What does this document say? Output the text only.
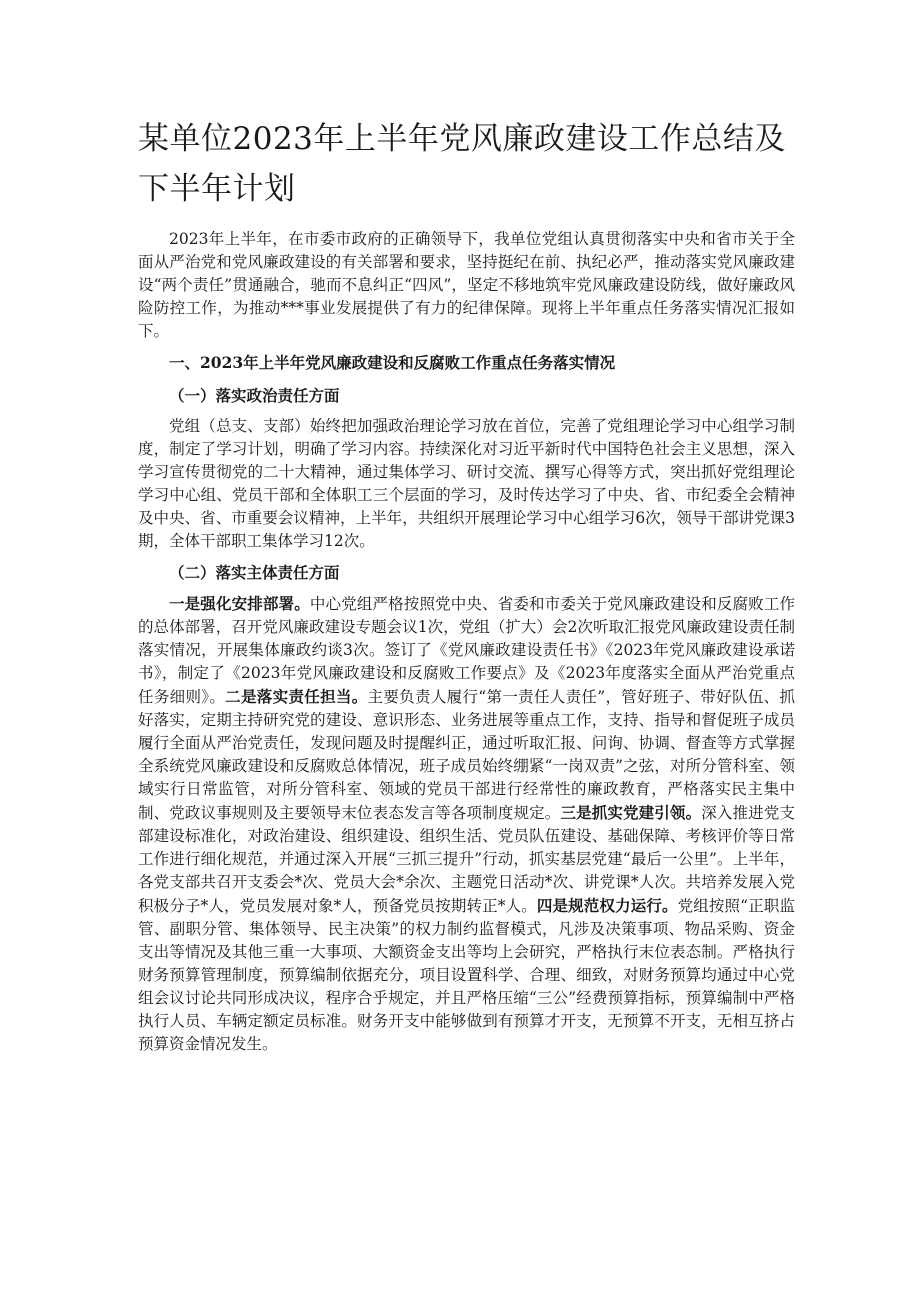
某单位2023年上半年党风廉政建设工作总结及下半年计划

2023年上半年，在市委市政府的正确领导下，我单位党组认真贯彻落实中央和省市关于全面从严治党和党风廉政建设的有关部署和要求，坚持挺纪在前、执纪必严，推动落实党风廉政建设“两个责任”贯通融合，驰而不息纠正“四风”，坚定不移地筑牢党风廉政建设防线，做好廉政风险防控工作，为推动***事业发展提供了有力的纪律保障。现将上半年重点任务落实情况汇报如下。

一、2023年上半年党风廉政建设和反腐败工作重点任务落实情况

（一）落实政治责任方面

党组（总支、支部）始终把加强政治理论学习放在首位，完善了党组理论学习中心组学习制度，制定了学习计划，明确了学习内容。持续深化对习近平新时代中国特色社会主义思想，深入学习宣传贯彻党的二十大精神，通过集体学习、研讨交流、撰写心得等方式，突出抓好党组理论学习中心组、党员干部和全体职工三个层面的学习，及时传达学习了中央、省、市纪委全会精神及中央、省、市重要会议精神，上半年，共组织开展理论学习中心组学习6次，领导干部讲党课3期，全体干部职工集体学习12次。

（二）落实主体责任方面

一是强化安排部署。中心党组严格按照党中央、省委和市委关于党风廉政建设和反腐败工作的总体部署，召开党风廉政建设专题会议1次，党组（扩大）会2次听取汇报党风廉政建设责任制落实情况，开展集体廉政约谈3次。签订了《党风廉政建设责任书》《2023年党风廉政建设承诺书》，制定了《2023年党风廉政建设和反腐败工作要点》及《2023年度落实全面从严治党重点任务细则》。二是落实责任担当。主要负责人履行“第一责任人责任”，管好班子、带好队伍、抓好落实，定期主持研究党的建设、意识形态、业务进展等重点工作，支持、指导和督促班子成员履行全面从严治党责任，发现问题及时提醒纠正，通过听取汇报、问询、协调、督查等方式掌握全系统党风廉政建设和反腐败总体情况，班子成员始终绷紧“一岗双责”之弦，对所分管科室、领域实行日常监管，对所分管科室、领域的党员干部进行经常性的廉政教育，严格落实民主集中制、党政议事规则及主要领导末位表态发言等各项制度规定。三是抓实党建引领。深入推进党支部建设标准化，对政治建设、组织建设、组织生活、党员队伍建设、基础保障、考核评价等日常工作进行细化规范，并通过深入开展“三抓三提升”行动，抓实基层党建“最后一公里”。上半年，各党支部共召开支委会*次、党员大会*余次、主题党日活动*次、讲党课*人次。共培养发展入党积极分子*人，党员发展对象*人，预备党员按期转正*人。四是规范权力运行。党组按照“正职监管、副职分管、集体领导、民主决策”的权力制约监督模式，凡涉及决策事项、物品采购、资金支出等情况及其他三重一大事项、大额资金支出等均上会研究，严格执行末位表态制。严格执行财务预算管理制度，预算编制依据充分，项目设置科学、合理、细致，对财务预算均通过中心党组会议讨论共同形成决议，程序合乎规定，并且严格压缩“三公”经费预算指标，预算编制中严格执行人员、车辆定额定员标准。财务开支中能够做到有预算才开支，无预算不开支，无相互挤占预算资金情况发生。
